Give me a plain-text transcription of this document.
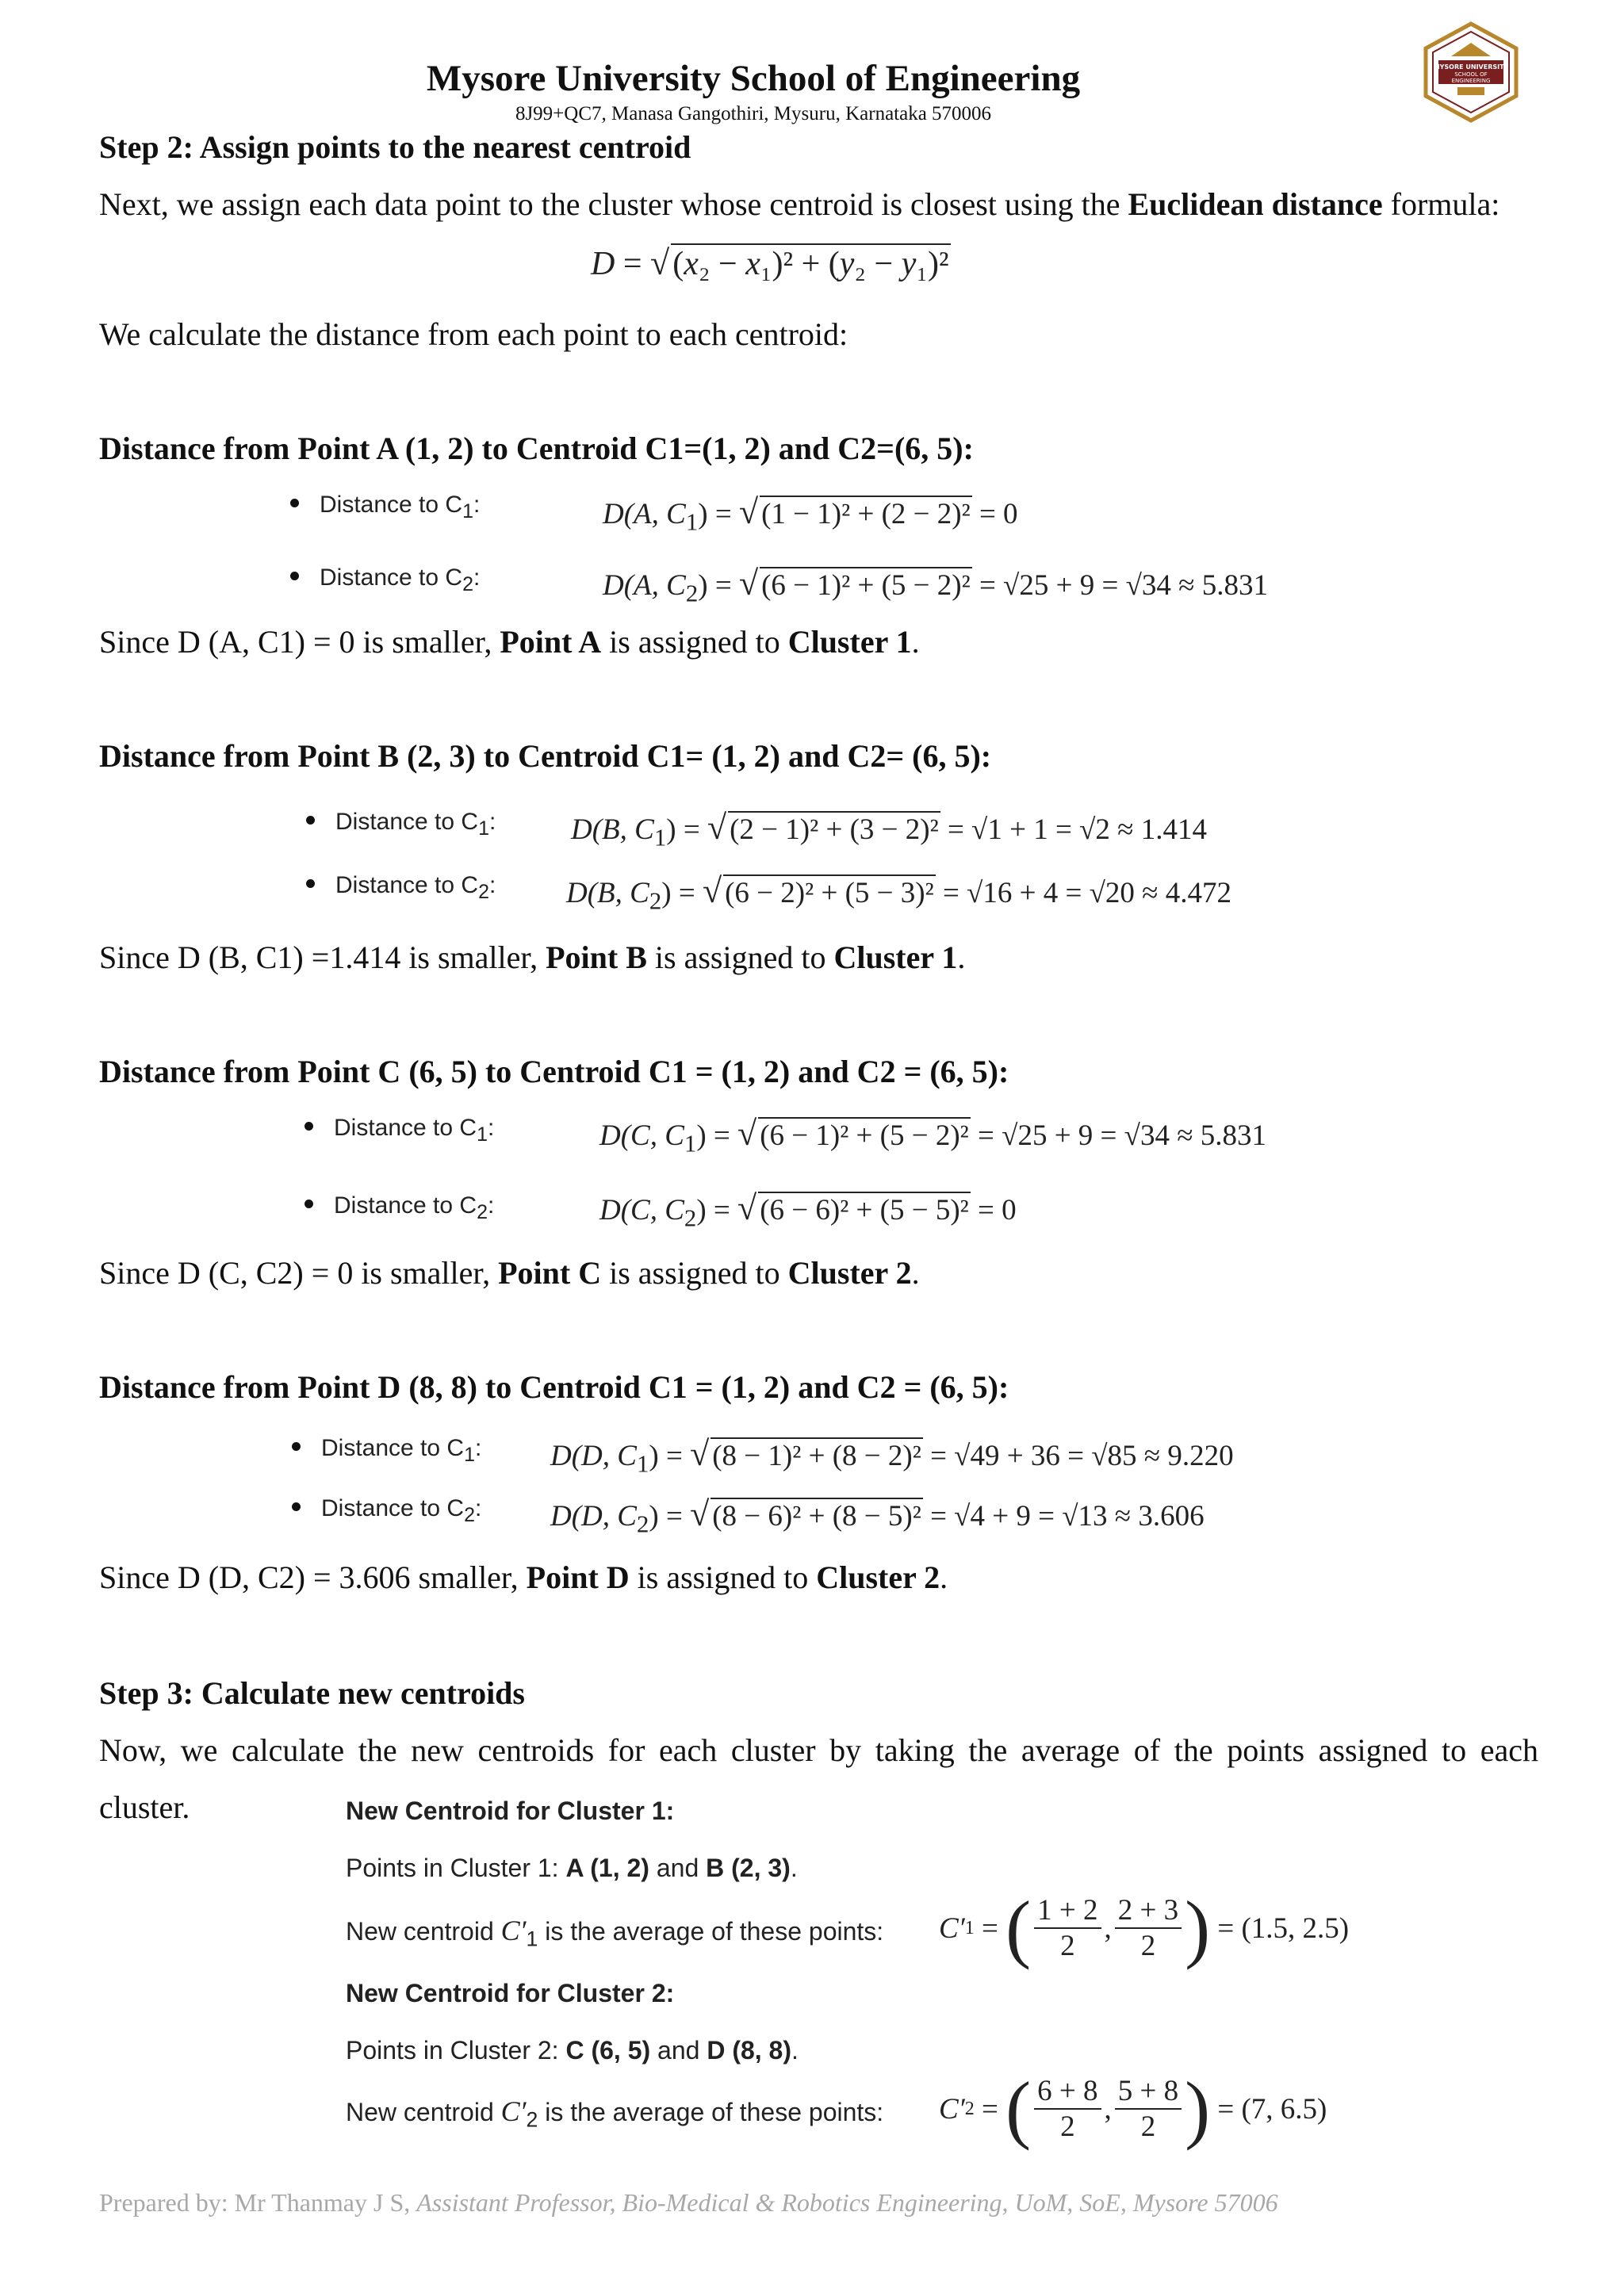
Mysore University School of Engineering
8J99+QC7, Manasa Gangothiri, Mysuru, Karnataka 570006
MYSORE UNIVERSITY
SCHOOL OF
ENGINEERING
Step 2: Assign points to the nearest centroid
Next, we assign each data point to the cluster whose centroid is closest using the Euclidean distance formula:
D = √(x₂ − x₁)² + (y₂ − y₁)²
We calculate the distance from each point to each centroid:
Distance from Point A (1, 2) to Centroid C1=(1, 2) and C2=(6, 5):
Distance to $C_1$:	D(A, $C_1$) = √ (1 − 1)² + (2 − 2)² = 0
Distance to $C_2$:	D(A, $C_2$) = √ (6 − 1)² + (5 − 2)² = √25 + 9 = √34 ≈ 5.831
Since D (A, C1) = 0 is smaller, Point A is assigned to Cluster 1.
Distance from Point B (2, 3) to Centroid C1= (1, 2) and C2= (6, 5):
Distance to $C_1$:	D(B, $C_1$) = √ (2 − 1)² + (3 − 2)² = √1 + 1 = √2 ≈ 1.414
Distance to $C_2$: D(B, $C_2$) = √ (6 − 2)² + (5 − 3)² = √16 + 4 = √20 ≈ 4.472
Since D (B, C1) =1.414 is smaller, Point B is assigned to Cluster 1.
Distance from Point C (6, 5) to Centroid C1 = (1, 2) and C2 = (6, 5):
Distance to $C_1$:	D(C, $C_1$) = √ (6 − 1)² + (5 − 2)² = √25 + 9 = √34 ≈ 5.831
Distance to $C_2$:	D(C, $C_2$) = √ (6 − 6)² + (5 − 5)² = 0
Since D (C, C2) = 0 is smaller, Point C is assigned to Cluster 2.
Distance from Point D (8, 8) to Centroid C1 = (1, 2) and C2 = (6, 5):
Distance to $C_1$: D(D, $C_1$) = √ (8 − 1)² + (8 − 2)² = √49 + 36 = √85 ≈ 9.220
Distance to $C_2$: D(D, $C_2$) = √ (8 − 6)² + (8 − 5)² = √4 + 9 = √13 ≈ 3.606
Since D (D, C2) = 3.606 smaller, Point D is assigned to Cluster 2.
Step 3: Calculate new centroids
Now, we calculate the new centroids for each cluster by taking the average of the points assigned to each
cluster.	New Centroid for Cluster 1:
Points in Cluster 1: A (1, 2) and B (2, 3).
New centroid $C'_1$ is the average of these points: C′ 1 = ( $\frac{1 + 2}{2}$ , $\frac{2 + 3}{2}$ )
= (1.5, 2.5)
New Centroid for Cluster 2:
Points in Cluster 2: C (6, 5) and D (8, 8).
New centroid $C'_2$ is the average of these points: C′ 2 = ( $\frac{6 + 8}{2}$ , $\frac{5 + 8}{2}$ )
= (7, 6.5)
Prepared by: Mr Thanmay J S, Assistant Professor, Bio-Medical & Robotics Engineering, UoM, SoE, Mysore 57006
